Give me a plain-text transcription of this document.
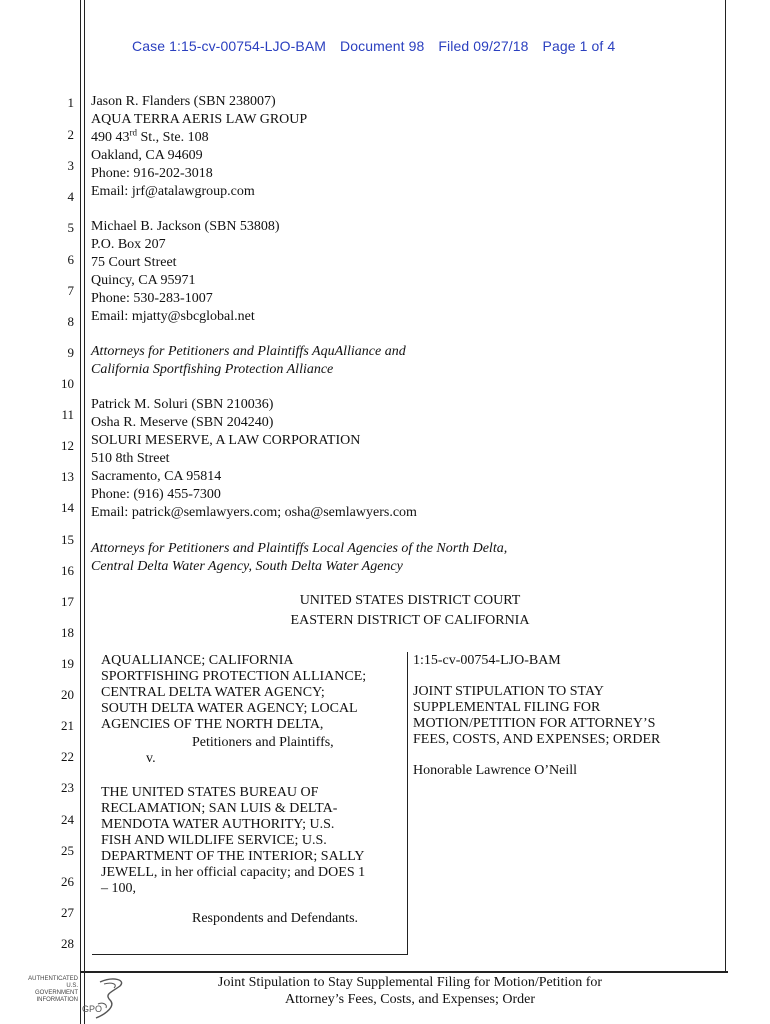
Case 1:15-cv-00754-LJO-BAM Document 98 Filed 09/27/18 Page 1 of 4
1
2
3
4
5
6
7
8
9
10
11
12
13
14
15
16
17
18
19
20
21
22
23
24
25
26
27
28
Jason R. Flanders (SBN 238007)
AQUA TERRA AERIS LAW GROUP
490 43rd St., Ste. 108
Oakland, CA 94609
Phone: 916-202-3018
Email: jrf@atalawgroup.com
Michael B. Jackson (SBN 53808)
P.O. Box 207
75 Court Street
Quincy, CA 95971
Phone: 530-283-1007
Email: mjatty@sbcglobal.net
Attorneys for Petitioners and Plaintiffs AquAlliance and
California Sportfishing Protection Alliance
Patrick M. Soluri (SBN 210036)
Osha R. Meserve (SBN 204240)
SOLURI MESERVE, A LAW CORPORATION
510 8th Street
Sacramento, CA 95814
Phone: (916) 455-7300
Email: patrick@semlawyers.com; osha@semlawyers.com
Attorneys for Petitioners and Plaintiffs Local Agencies of the North Delta,
Central Delta Water Agency, South Delta Water Agency
UNITED STATES DISTRICT COURT
EASTERN DISTRICT OF CALIFORNIA
AQUALLIANCE; CALIFORNIA
SPORTFISHING PROTECTION ALLIANCE;
CENTRAL DELTA WATER AGENCY;
SOUTH DELTA WATER AGENCY; LOCAL
AGENCIES OF THE NORTH DELTA,
Petitioners and Plaintiffs,
v.
THE UNITED STATES BUREAU OF
RECLAMATION; SAN LUIS & DELTA-
MENDOTA WATER AUTHORITY; U.S.
FISH AND WILDLIFE SERVICE; U.S.
DEPARTMENT OF THE INTERIOR; SALLY
JEWELL, in her official capacity; and DOES 1
– 100,
Respondents and Defendants.
1:15-cv-00754-LJO-BAM
JOINT STIPULATION TO STAY
SUPPLEMENTAL FILING FOR
MOTION/PETITION FOR ATTORNEY’S
FEES, COSTS, AND EXPENSES; ORDER
Honorable Lawrence O’Neill
AUTHENTICATED
U.S. GOVERNMENT
INFORMATION
GPO
Joint Stipulation to Stay Supplemental Filing for Motion/Petition for
Attorney’s Fees, Costs, and Expenses; Order
